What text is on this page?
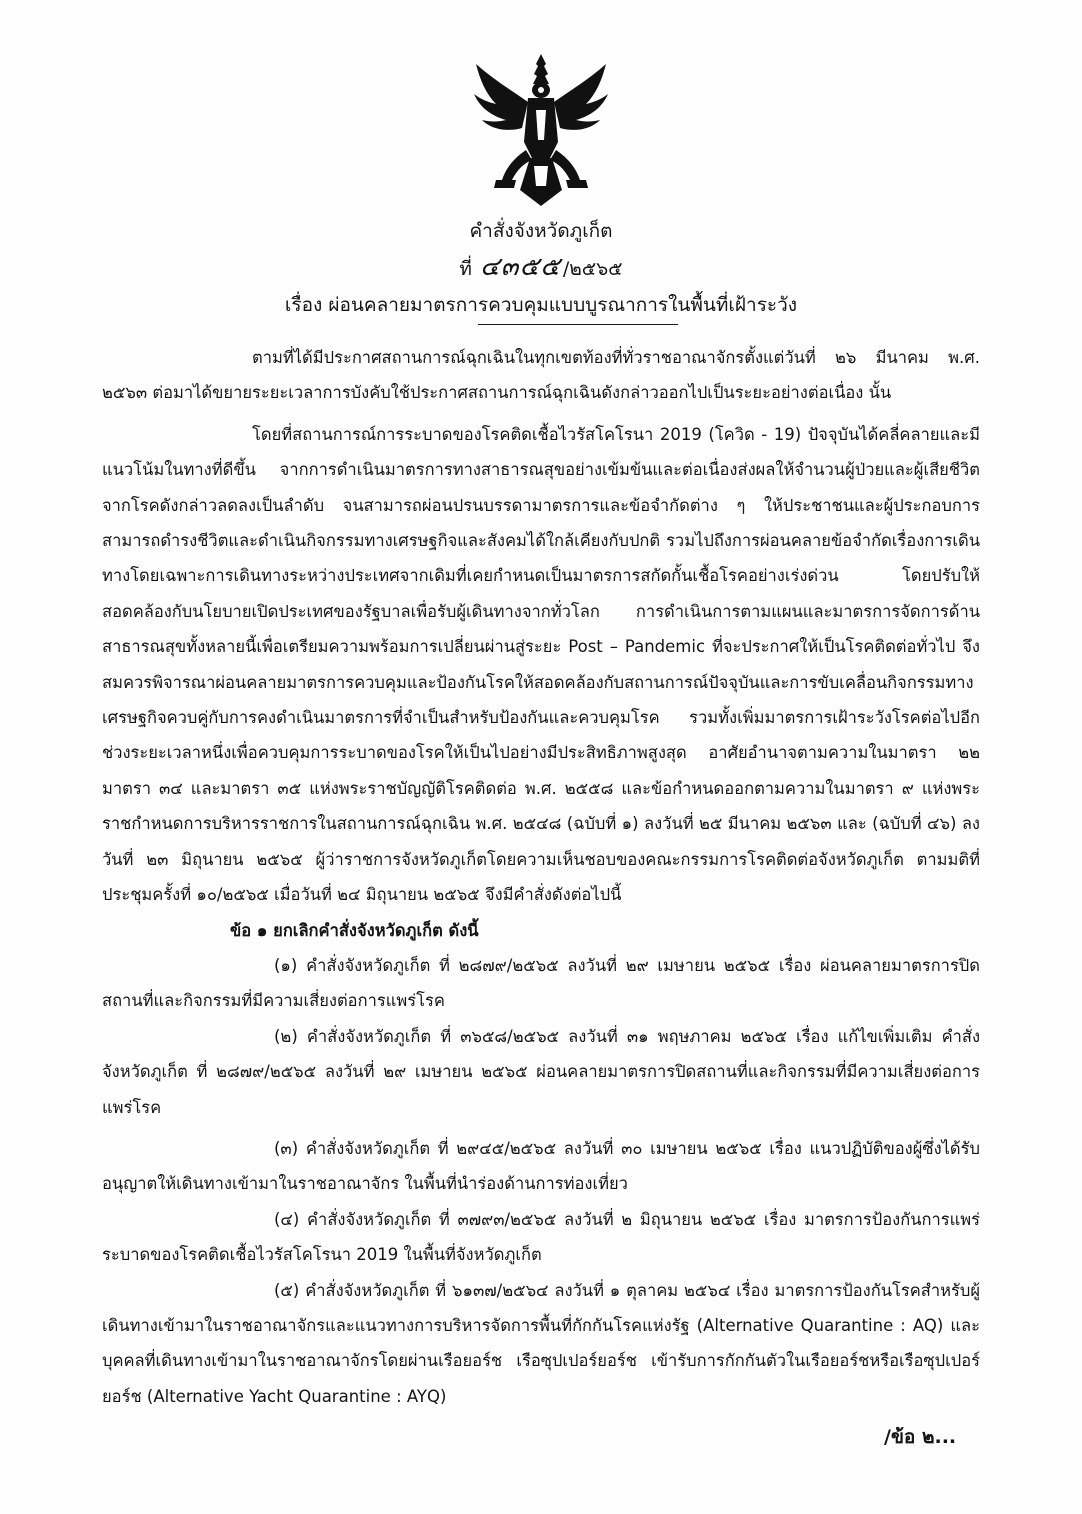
คำสั่งจังหวัดภูเก็ต
ที่ ๔๓๕๕ /๒๕๖๕
เรื่อง ผ่อนคลายมาตรการควบคุมแบบบูรณาการในพื้นที่เฝ้าระวัง

ตามที่ได้มีประกาศสถานการณ์ฉุกเฉินในทุกเขตท้องที่ทั่วราชอาณาจักรตั้งแต่วันที่ ๒๖ มีนาคม พ.ศ. ๒๕๖๓ ต่อมาได้ขยายระยะเวลาการบังคับใช้ประกาศสถานการณ์ฉุกเฉินดังกล่าวออกไปเป็นระยะอย่างต่อเนื่อง นั้น

โดยที่สถานการณ์การระบาดของโรคติดเชื้อไวรัสโคโรนา 2019 (โควิด - 19) ปัจจุบันได้คลี่คลายและมีแนวโน้มในทางที่ดีขึ้น จากการดำเนินมาตรการทางสาธารณสุขอย่างเข้มข้นและต่อเนื่องส่งผลให้จำนวนผู้ป่วยและผู้เสียชีวิตจากโรคดังกล่าวลดลงเป็นลำดับ จนสามารถผ่อนปรนบรรดามาตรการและข้อจำกัดต่าง ๆ ให้ประชาชนและผู้ประกอบการสามารถดำรงชีวิตและดำเนินกิจกรรมทางเศรษฐกิจและสังคมได้ใกล้เคียงกับปกติ รวมไปถึงการผ่อนคลายข้อจำกัดเรื่องการเดินทางโดยเฉพาะการเดินทางระหว่างประเทศจากเดิมที่เคยกำหนดเป็นมาตรการสกัดกั้นเชื้อโรคอย่างเร่งด่วน โดยปรับให้สอดคล้องกับนโยบายเปิดประเทศของรัฐบาลเพื่อรับผู้เดินทางจากทั่วโลก การดำเนินการตามแผนและมาตรการจัดการด้านสาธารณสุขทั้งหลายนี้เพื่อเตรียมความพร้อมการเปลี่ยนผ่านสู่ระยะ Post – Pandemic ที่จะประกาศให้เป็นโรคติดต่อทั่วไป จึงสมควรพิจารณาผ่อนคลายมาตรการควบคุมและป้องกันโรคให้สอดคล้องกับสถานการณ์ปัจจุบันและการขับเคลื่อนกิจกรรมทางเศรษฐกิจควบคู่กับการคงดำเนินมาตรการที่จำเป็นสำหรับป้องกันและควบคุมโรค รวมทั้งเพิ่มมาตรการเฝ้าระวังโรคต่อไปอีกช่วงระยะเวลาหนึ่งเพื่อควบคุมการระบาดของโรคให้เป็นไปอย่างมีประสิทธิภาพสูงสุด อาศัยอำนาจตามความในมาตรา ๒๒ มาตรา ๓๔ และมาตรา ๓๕ แห่งพระราชบัญญัติโรคติดต่อ พ.ศ. ๒๕๕๘ และข้อกำหนดออกตามความในมาตรา ๙ แห่งพระราชกำหนดการบริหารราชการในสถานการณ์ฉุกเฉิน พ.ศ. ๒๕๔๘ (ฉบับที่ ๑) ลงวันที่ ๒๕ มีนาคม ๒๕๖๓ และ (ฉบับที่ ๔๖) ลงวันที่ ๒๓ มิถุนายน ๒๕๖๕ ผู้ว่าราชการจังหวัดภูเก็ตโดยความเห็นชอบของคณะกรรมการโรคติดต่อจังหวัดภูเก็ต ตามมติที่ประชุมครั้งที่ ๑๐/๒๕๖๕ เมื่อวันที่ ๒๔ มิถุนายน ๒๕๖๕ จึงมีคำสั่งดังต่อไปนี้

ข้อ ๑ ยกเลิกคำสั่งจังหวัดภูเก็ต ดังนี้

(๑) คำสั่งจังหวัดภูเก็ต ที่ ๒๘๗๙/๒๕๖๕ ลงวันที่ ๒๙ เมษายน ๒๕๖๕ เรื่อง ผ่อนคลายมาตรการปิดสถานที่และกิจกรรมที่มีความเสี่ยงต่อการแพร่โรค

(๒) คำสั่งจังหวัดภูเก็ต ที่ ๓๖๕๘/๒๕๖๕ ลงวันที่ ๓๑ พฤษภาคม ๒๕๖๕ เรื่อง แก้ไขเพิ่มเติม คำสั่งจังหวัดภูเก็ต ที่ ๒๘๗๙/๒๕๖๕ ลงวันที่ ๒๙ เมษายน ๒๕๖๕ ผ่อนคลายมาตรการปิดสถานที่และกิจกรรมที่มีความเสี่ยงต่อการแพร่โรค

(๓) คำสั่งจังหวัดภูเก็ต ที่ ๒๙๔๕/๒๕๖๕ ลงวันที่ ๓๐ เมษายน ๒๕๖๕ เรื่อง แนวปฏิบัติของผู้ซึ่งได้รับอนุญาตให้เดินทางเข้ามาในราชอาณาจักร ในพื้นที่นำร่องด้านการท่องเที่ยว

(๔) คำสั่งจังหวัดภูเก็ต ที่ ๓๗๙๓/๒๕๖๕ ลงวันที่ ๒ มิถุนายน ๒๕๖๕ เรื่อง มาตรการป้องกันการแพร่ระบาดของโรคติดเชื้อไวรัสโคโรนา 2019 ในพื้นที่จังหวัดภูเก็ต

(๕) คำสั่งจังหวัดภูเก็ต ที่ ๖๑๓๗/๒๕๖๔ ลงวันที่ ๑ ตุลาคม ๒๕๖๔ เรื่อง มาตรการป้องกันโรคสำหรับผู้เดินทางเข้ามาในราชอาณาจักรและแนวทางการบริหารจัดการพื้นที่กักกันโรคแห่งรัฐ (Alternative Quarantine : AQ) และบุคคลที่เดินทางเข้ามาในราชอาณาจักรโดยผ่านเรือยอร์ช เรือซุปเปอร์ยอร์ช เข้ารับการกักกันตัวในเรือยอร์ชหรือเรือซุปเปอร์ยอร์ช (Alternative Yacht Quarantine : AYQ)

/ข้อ ๒...
